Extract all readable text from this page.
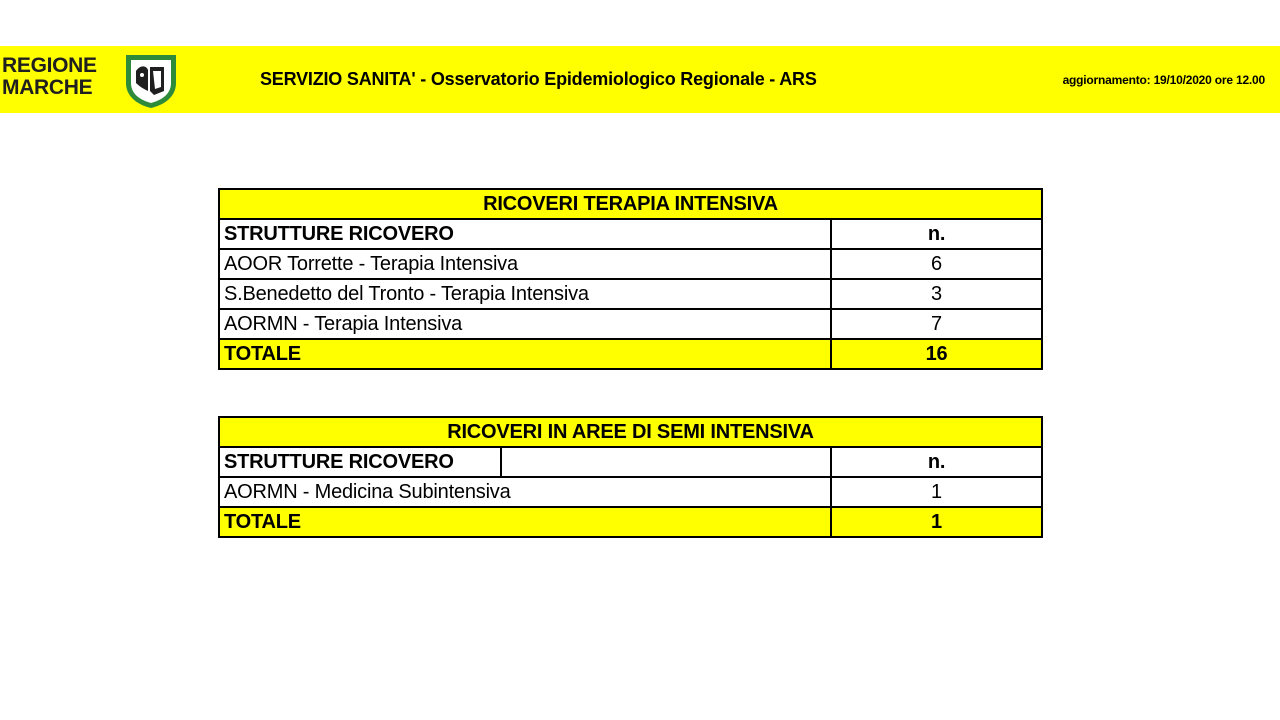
REGIONE
MARCHE	SERVIZIO SANITA' - Osservatorio Epidemiologico Regionale - ARS	aggiornamento: 19/10/2020 ore 12.00
RICOVERI TERAPIA INTENSIVA	
STRUTTURE RICOVERO	n.
AOOR Torrette - Terapia Intensiva	6
S.Benedetto del Tronto - Terapia Intensiva	3
AORMN - Terapia Intensiva	7
TOTALE	16
RICOVERI IN AREE DI SEMI INTENSIVA		
STRUTTURE RICOVERO		n.
AORMN - Medicina Subintensiva		1
TOTALE		1
